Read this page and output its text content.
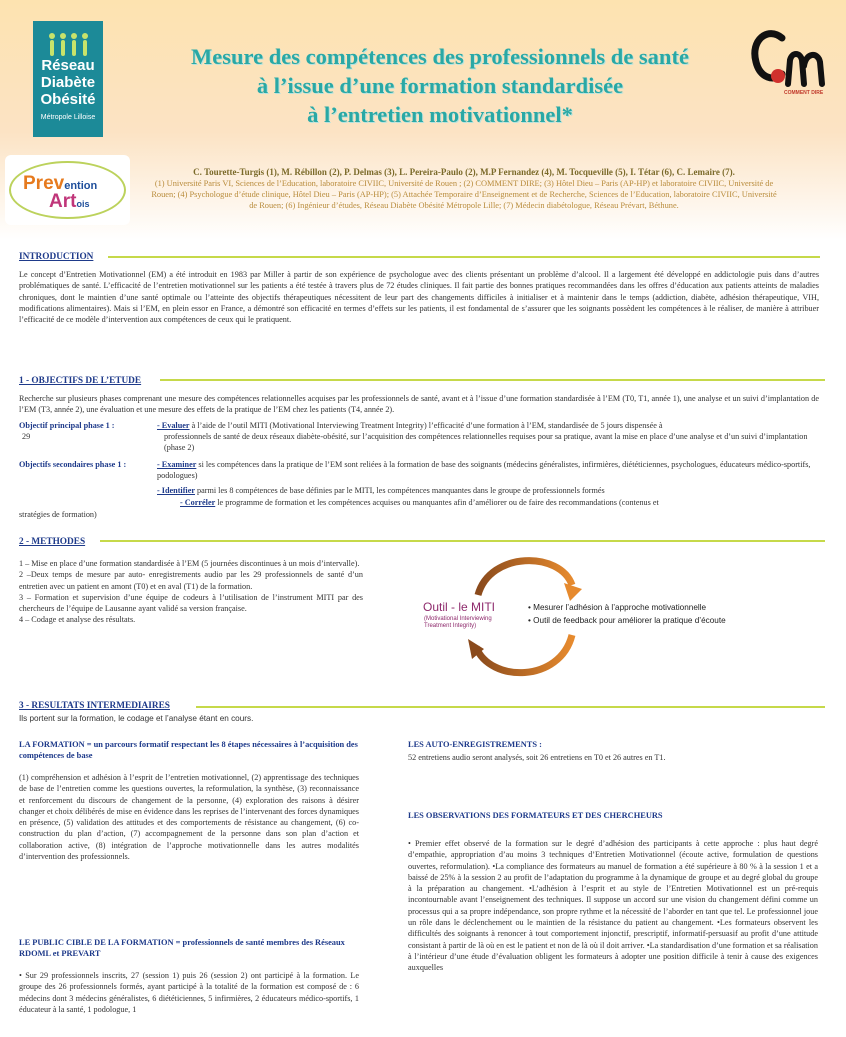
Réseau
Diabète
Obésité
Métropole Lilloise
Mesure des compétences des professionnels de santé
à l’issue d’une formation standardisée
à l’entretien motivationnel*
COMMENT DIRE
Prevention
Artois
C. Tourette-Turgis (1), M. Rébillon (2), P. Delmas (3), L. Pereira-Paulo (2), M.P Fernandez (4), M. Tocqueville (5), I. Tétar (6), C. Lemaire (7).
(1) Université Paris VI, Sciences de l’Education, laboratoire CIVIIC, Université de Rouen ; (2) COMMENT DIRE; (3) Hôtel Dieu – Paris (AP-HP) et laboratoire CIVIIC, Université de Rouen; (4) Psychologue d’étude clinique, Hôtel Dieu – Paris (AP-HP); (5) Attachée Temporaire d’Enseignement et de Recherche, Sciences de l’Education, laboratoire CIVIIC, Université de Rouen; (6) Ingénieur d’études, Réseau Diabète Obésité Métropole Lille; (7) Médecin diabétologue, Réseau Prévart, Béthune.
INTRODUCTION
Le concept d’Entretien Motivationnel (EM) a été introduit en 1983 par Miller à partir de son expérience de psychologue avec des clients présentant un problème d’alcool. Il a largement été développé en addictologie puis dans d’autres problématiques de santé. L’efficacité de l’entretien motivationnel sur les patients a été testée à travers plus de 72 études cliniques. Il fait partie des bonnes pratiques recommandées dans les offres d’éducation aux patients atteints de maladies chroniques, dont le maintien d’une santé optimale ou l’atteinte des objectifs thérapeutiques nécessitent de leur part des changements difficiles à initialiser et à maintenir dans le temps (addiction, diabète, adhésion thérapeutique, VIH, modifications alimentaires). Mais si l’EM, en plein essor en France, a démontré son efficacité en termes d’effets sur les patients, il est fondamental de s’assurer que les soignants possèdent les compétences à le réaliser, de manière à attribuer l’efficacité de ce modèle d’intervention aux compétences de ceux qui le pratiquent.
1 - OBJECTIFS DE L’ETUDE
Recherche sur plusieurs phases comprenant une mesure des compétences relationnelles acquises par les professionnels de santé, avant et à l’issue d’une formation standardisée à l’EM (T0, T1, année 1), une analyse et un suivi d’implantation de l’EM (T3, année 2), une évaluation et une mesure des effets de la pratique de l’EM chez les patients (T4, année 2).
Objectif principal phase 1 :	- Evaluer à l’aide de l’outil MITI (Motivational Interviewing Treatment Integrity) l’efficacité d’une formation à l’EM, standardisée de 5 jours dispensée à
29	professionnels de santé de deux réseaux diabète-obésité, sur l’acquisition des compétences relationnelles requises pour sa pratique, avant la mise en place d’une analyse et d’un suivi d’implantation (phase 2)
Objectifs secondaires phase 1 :	- Examiner si les compétences dans la pratique de l’EM sont reliées à la formation de base des soignants (médecins généralistes, infirmières, diététiciennes, psychologues, éducateurs médico-sportifs, podologues)
- Identifier parmi les 8 compétences de base définies par le MITI, les compétences manquantes dans le groupe de professionnels formés
- Corréler le programme de formation et les compétences acquises ou manquantes afin d’améliorer ou de faire des recommandations (contenus et
stratégies de formation)
2 - METHODES
1 – Mise en place d’une formation standardisée à l’EM (5 journées discontinues à un mois d’intervalle).
2 –Deux temps de mesure par auto- enregistrements audio par les 29 professionnels de santé d’un entretien avec un patient en amont (T0) et en aval (T1) de la formation.
3 – Formation et supervision d’une équipe de codeurs à l’utilisation de l’instrument MITI par des chercheurs de l’équipe de Lausanne ayant validé sa version française.
4 – Codage et analyse des résultats.
Outil - le MITI
(Motivational Interviewing Treatment Integrity)
• Mesurer l’adhésion à l’approche motivationnelle
• Outil de feedback pour améliorer la pratique d’écoute
3 - RESULTATS INTERMEDIAIRES
Ils portent sur la formation, le codage et l’analyse étant en cours.
LA FORMATION = un parcours formatif respectant les 8 étapes nécessaires à l’acquisition des compétences de base
(1) compréhension et adhésion à l’esprit de l’entretien motivationnel, (2) apprentissage des techniques de base de l’entretien comme les questions ouvertes, la reformulation, la synthèse, (3) reconnaissance et renforcement du discours de changement de la personne, (4) exploration des raisons à désirer changer et choix délibérés de mise en évidence dans les reprises de l’intervenant des forces dynamiques en présence, (5) validation des attitudes et des comportements de résistance au changement, (6) co-construction du plan d’action, (7) accompagnement de la personne dans son plan d’action et collaboration active, (8) intégration de l’approche motivationnelle dans les autres modalités d’intervention des professionnels.
LE PUBLIC CIBLE DE LA FORMATION = professionnels de santé membres des Réseaux RDOML et PREVART
• Sur 29 professionnels inscrits, 27 (session 1) puis 26 (session 2) ont participé à la formation. Le groupe des 26 professionnels formés, ayant participé à la totalité de la formation est composé de : 6 médecins dont 3 médecins généralistes, 6 diététiciennes, 5 infirmières, 2 éducateurs médico-sportifs, 1 éducateur à la santé, 1 podologue, 1
LES AUTO-ENREGISTREMENTS :
52 entretiens audio seront analysés, soit 26 entretiens en T0 et 26 autres en T1.
LES OBSERVATIONS DES FORMATEURS ET DES CHERCHEURS
• Premier effet observé de la formation sur le degré d’adhésion des participants à cette approche : plus haut degré d’empathie, appropriation d’au moins 3 techniques d’Entretien Motivationnel (écoute active, formulation de questions ouvertes, reformulation). •La compliance des formateurs au manuel de formation a été supérieure à 80 % à la session 1 et a baissé de 25% à la session 2 au profit de l’adaptation du programme à la dynamique de groupe et au degré global du groupe à la préparation au changement. •L’adhésion à l’esprit et au style de l’Entretien Motivationnel est un pré-requis incontournable avant l’enseignement des techniques. Il suppose un accord sur une vision du changement défini comme un processus qui a sa propre indépendance, son propre rythme et la nécessité de l’aborder en tant que tel. Le professionnel joue un rôle dans le déclenchement ou le maintien de la résistance du patient au changement. •Les formateurs observent les difficultés des soignants à renoncer à tout comportement injonctif, prescriptif, informatif-persuasif au profit d’une attitude consistant à partir de là où en est le patient et non de là où il doit arriver. •La standardisation d’une formation et sa réalisation à l’intérieur d’une étude d’évaluation obligent les formateurs à adopter une position difficile à tenir à cause des exigences auxquelles
